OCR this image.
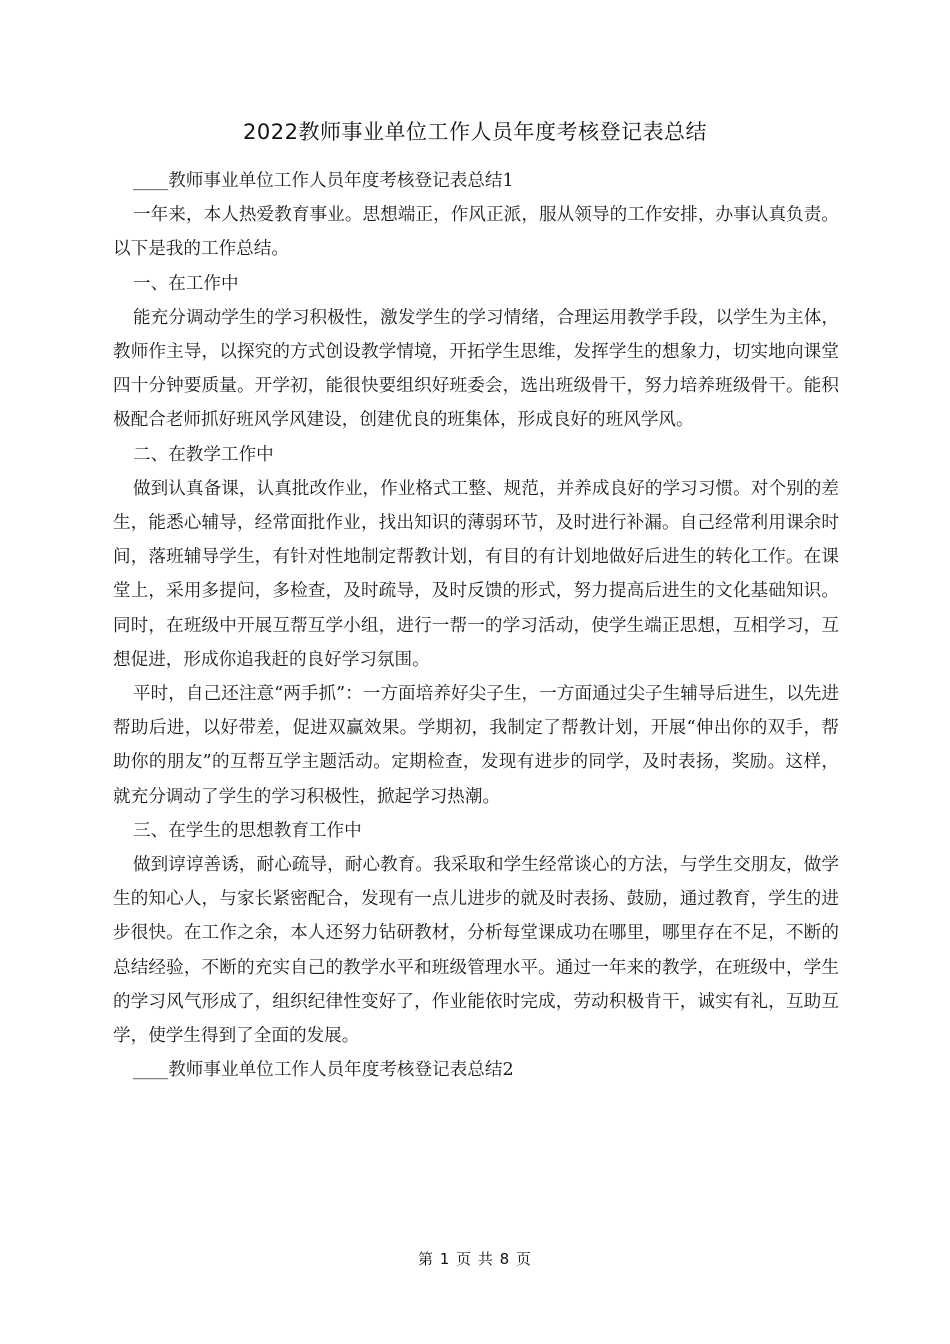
2022教师事业单位工作人员年度考核登记表总结

____教师事业单位工作人员年度考核登记表总结1

一年来，本人热爱教育事业。思想端正，作风正派，服从领导的工作安排，办事认真负责。以下是我的工作总结。

一、在工作中

能充分调动学生的学习积极性，激发学生的学习情绪，合理运用教学手段，以学生为主体，教师作主导，以探究的方式创设教学情境，开拓学生思维，发挥学生的想象力，切实地向课堂四十分钟要质量。开学初，能很快要组织好班委会，选出班级骨干，努力培养班级骨干。能积极配合老师抓好班风学风建设，创建优良的班集体，形成良好的班风学风。

二、在教学工作中

做到认真备课，认真批改作业，作业格式工整、规范，并养成良好的学习习惯。对个别的差生，能悉心辅导，经常面批作业，找出知识的薄弱环节，及时进行补漏。自己经常利用课余时间，落班辅导学生，有针对性地制定帮教计划，有目的有计划地做好后进生的转化工作。在课堂上，采用多提问，多检查，及时疏导，及时反馈的形式，努力提高后进生的文化基础知识。同时，在班级中开展互帮互学小组，进行一帮一的学习活动，使学生端正思想，互相学习，互想促进，形成你追我赶的良好学习氛围。

平时，自己还注意“两手抓”：一方面培养好尖子生，一方面通过尖子生辅导后进生，以先进帮助后进，以好带差，促进双赢效果。学期初，我制定了帮教计划，开展“伸出你的双手，帮助你的朋友”的互帮互学主题活动。定期检查，发现有进步的同学，及时表扬，奖励。这样，就充分调动了学生的学习积极性，掀起学习热潮。

三、在学生的思想教育工作中

做到谆谆善诱，耐心疏导，耐心教育。我采取和学生经常谈心的方法，与学生交朋友，做学生的知心人，与家长紧密配合，发现有一点儿进步的就及时表扬、鼓励，通过教育，学生的进步很快。在工作之余，本人还努力钻研教材，分析每堂课成功在哪里，哪里存在不足，不断的总结经验，不断的充实自己的教学水平和班级管理水平。通过一年来的教学，在班级中，学生的学习风气形成了，组织纪律性变好了，作业能依时完成，劳动积极肯干，诚实有礼，互助互学，使学生得到了全面的发展。

____教师事业单位工作人员年度考核登记表总结2

第 1 页 共 8 页
